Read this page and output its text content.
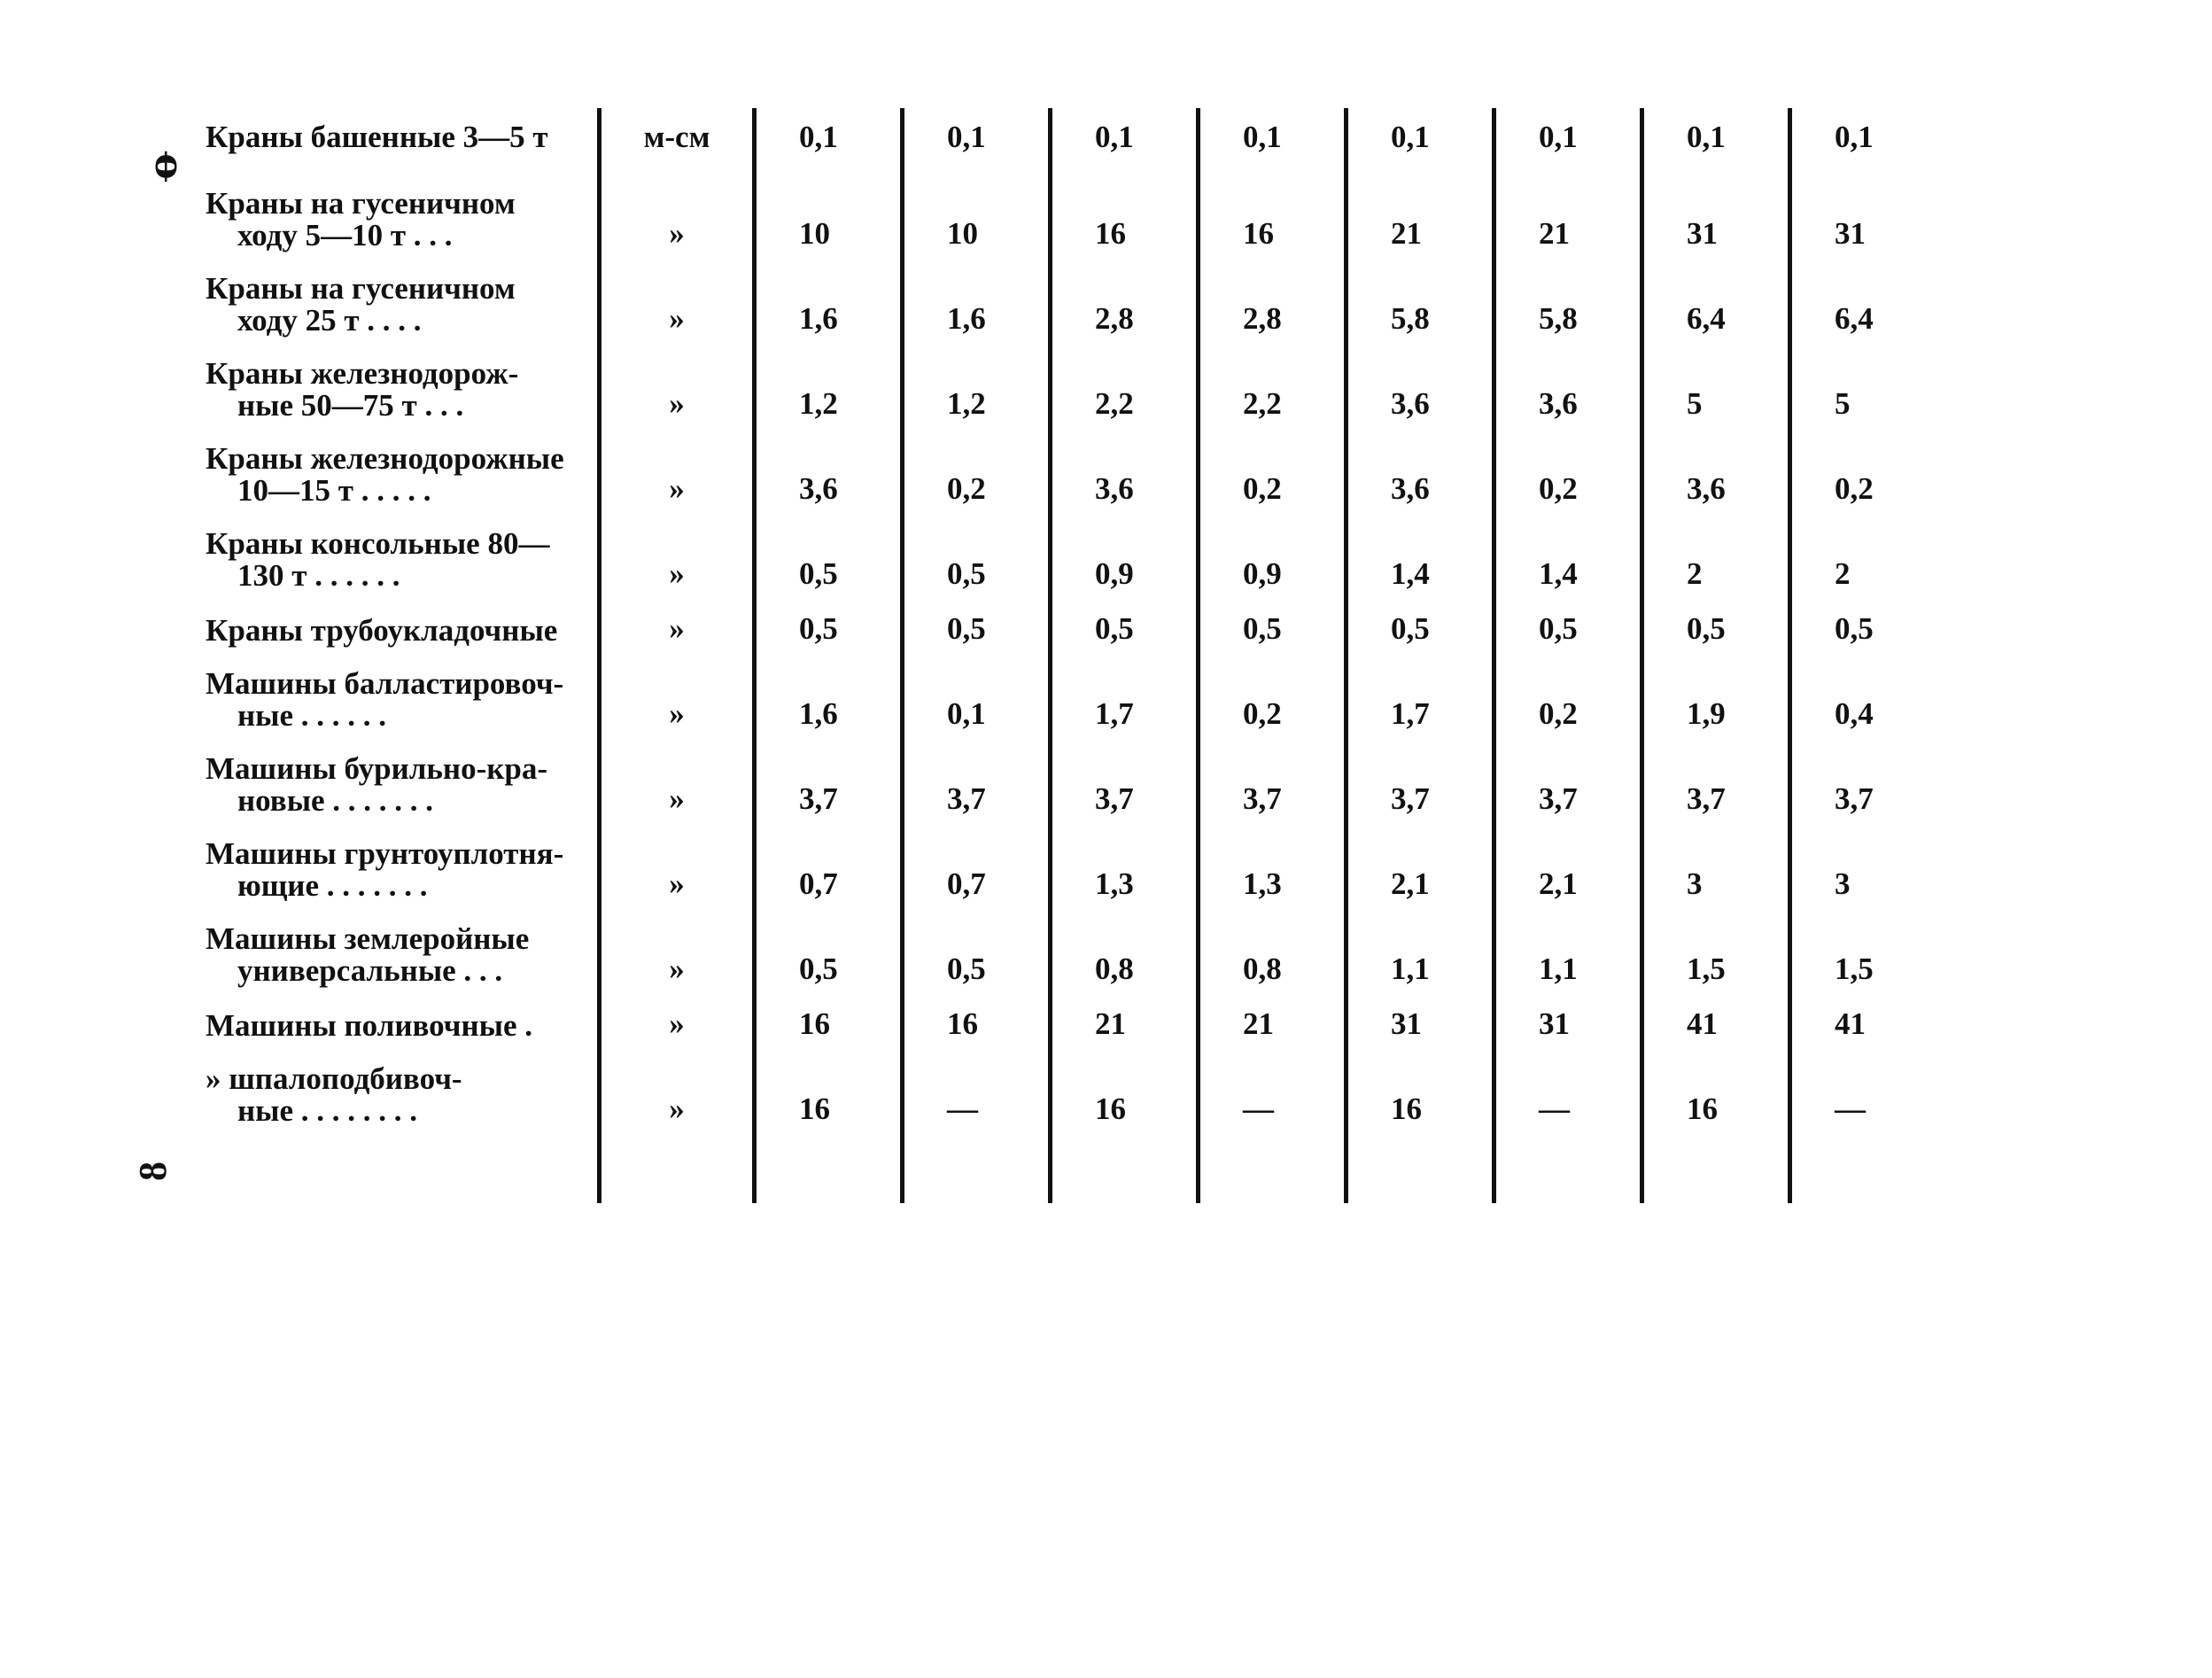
ꝋ
8
Краны башенные 3—5 т	м-см	0,1	0,1	0,1	0,1	0,1	0,1	0,1	0,1

Краны на гусеничном
ходу 5—10 т . . .	»	10	10	16	16	21	21	31	31

Краны на гусеничном
ходу 25 т . . . .	»	1,6	1,6	2,8	2,8	5,8	5,8	6,4	6,4

Краны железнодорож-
ные 50—75 т . . .	»	1,2	1,2	2,2	2,2	3,6	3,6	5	5

Краны железнодорожные
10—15 т . . . . .	»	3,6	0,2	3,6	0,2	3,6	0,2	3,6	0,2

Краны консольные 80—
130 т . . . . . .	»	0,5	0,5	0,9	0,9	1,4	1,4	2	2

Краны трубоукладочные	»	0,5	0,5	0,5	0,5	0,5	0,5	0,5	0,5

Машины балластировоч-
ные . . . . . .	»	1,6	0,1	1,7	0,2	1,7	0,2	1,9	0,4

Машины бурильно-кра-
новые . . . . . . .	»	3,7	3,7	3,7	3,7	3,7	3,7	3,7	3,7

Машины грунтоуплотня-
ющие . . . . . . .	»	0,7	0,7	1,3	1,3	2,1	2,1	3	3

Машины землеройные
универсальные . . .	»	0,5	0,5	0,8	0,8	1,1	1,1	1,5	1,5

Машины поливочные .	»	16	16	21	21	31	31	41	41

» шпалоподбивоч-
ные . . . . . . . .	»	16	—	16	—	16	—	16	—
